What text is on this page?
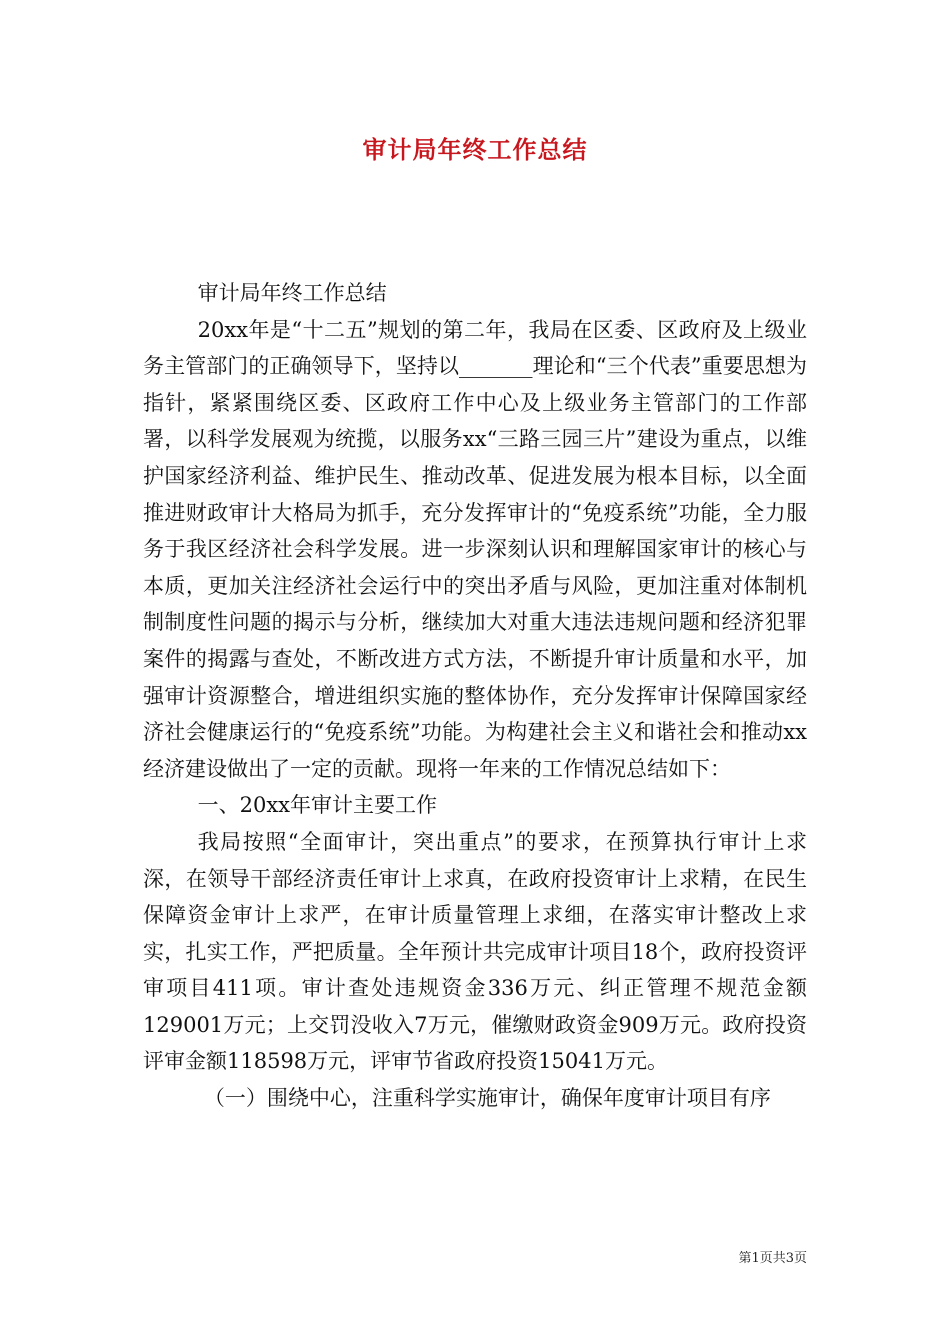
审计局年终工作总结

审计局年终工作总结

20xx年是“十二五”规划的第二年，我局在区委、区政府及上级业务主管部门的正确领导下，坚持以_______理论和“三个代表”重要思想为指针，紧紧围绕区委、区政府工作中心及上级业务主管部门的工作部署，以科学发展观为统揽，以服务xx“三路三园三片”建设为重点，以维护国家经济利益、维护民生、推动改革、促进发展为根本目标，以全面推进财政审计大格局为抓手，充分发挥审计的“免疫系统”功能，全力服务于我区经济社会科学发展。进一步深刻认识和理解国家审计的核心与本质，更加关注经济社会运行中的突出矛盾与风险，更加注重对体制机制制度性问题的揭示与分析，继续加大对重大违法违规问题和经济犯罪案件的揭露与查处，不断改进方式方法，不断提升审计质量和水平，加强审计资源整合，增进组织实施的整体协作，充分发挥审计保障国家经济社会健康运行的“免疫系统”功能。为构建社会主义和谐社会和推动xx经济建设做出了一定的贡献。现将一年来的工作情况总结如下：

一、20xx年审计主要工作

我局按照“全面审计，突出重点”的要求，在预算执行审计上求深，在领导干部经济责任审计上求真，在政府投资审计上求精，在民生保障资金审计上求严，在审计质量管理上求细，在落实审计整改上求实，扎实工作，严把质量。全年预计共完成审计项目18个，政府投资评审项目411项。审计查处违规资金336万元、纠正管理不规范金额129001万元；上交罚没收入7万元，催缴财政资金909万元。政府投资评审金额118598万元，评审节省政府投资15041万元。

（一）围绕中心，注重科学实施审计，确保年度审计项目有序

第1页共3页
